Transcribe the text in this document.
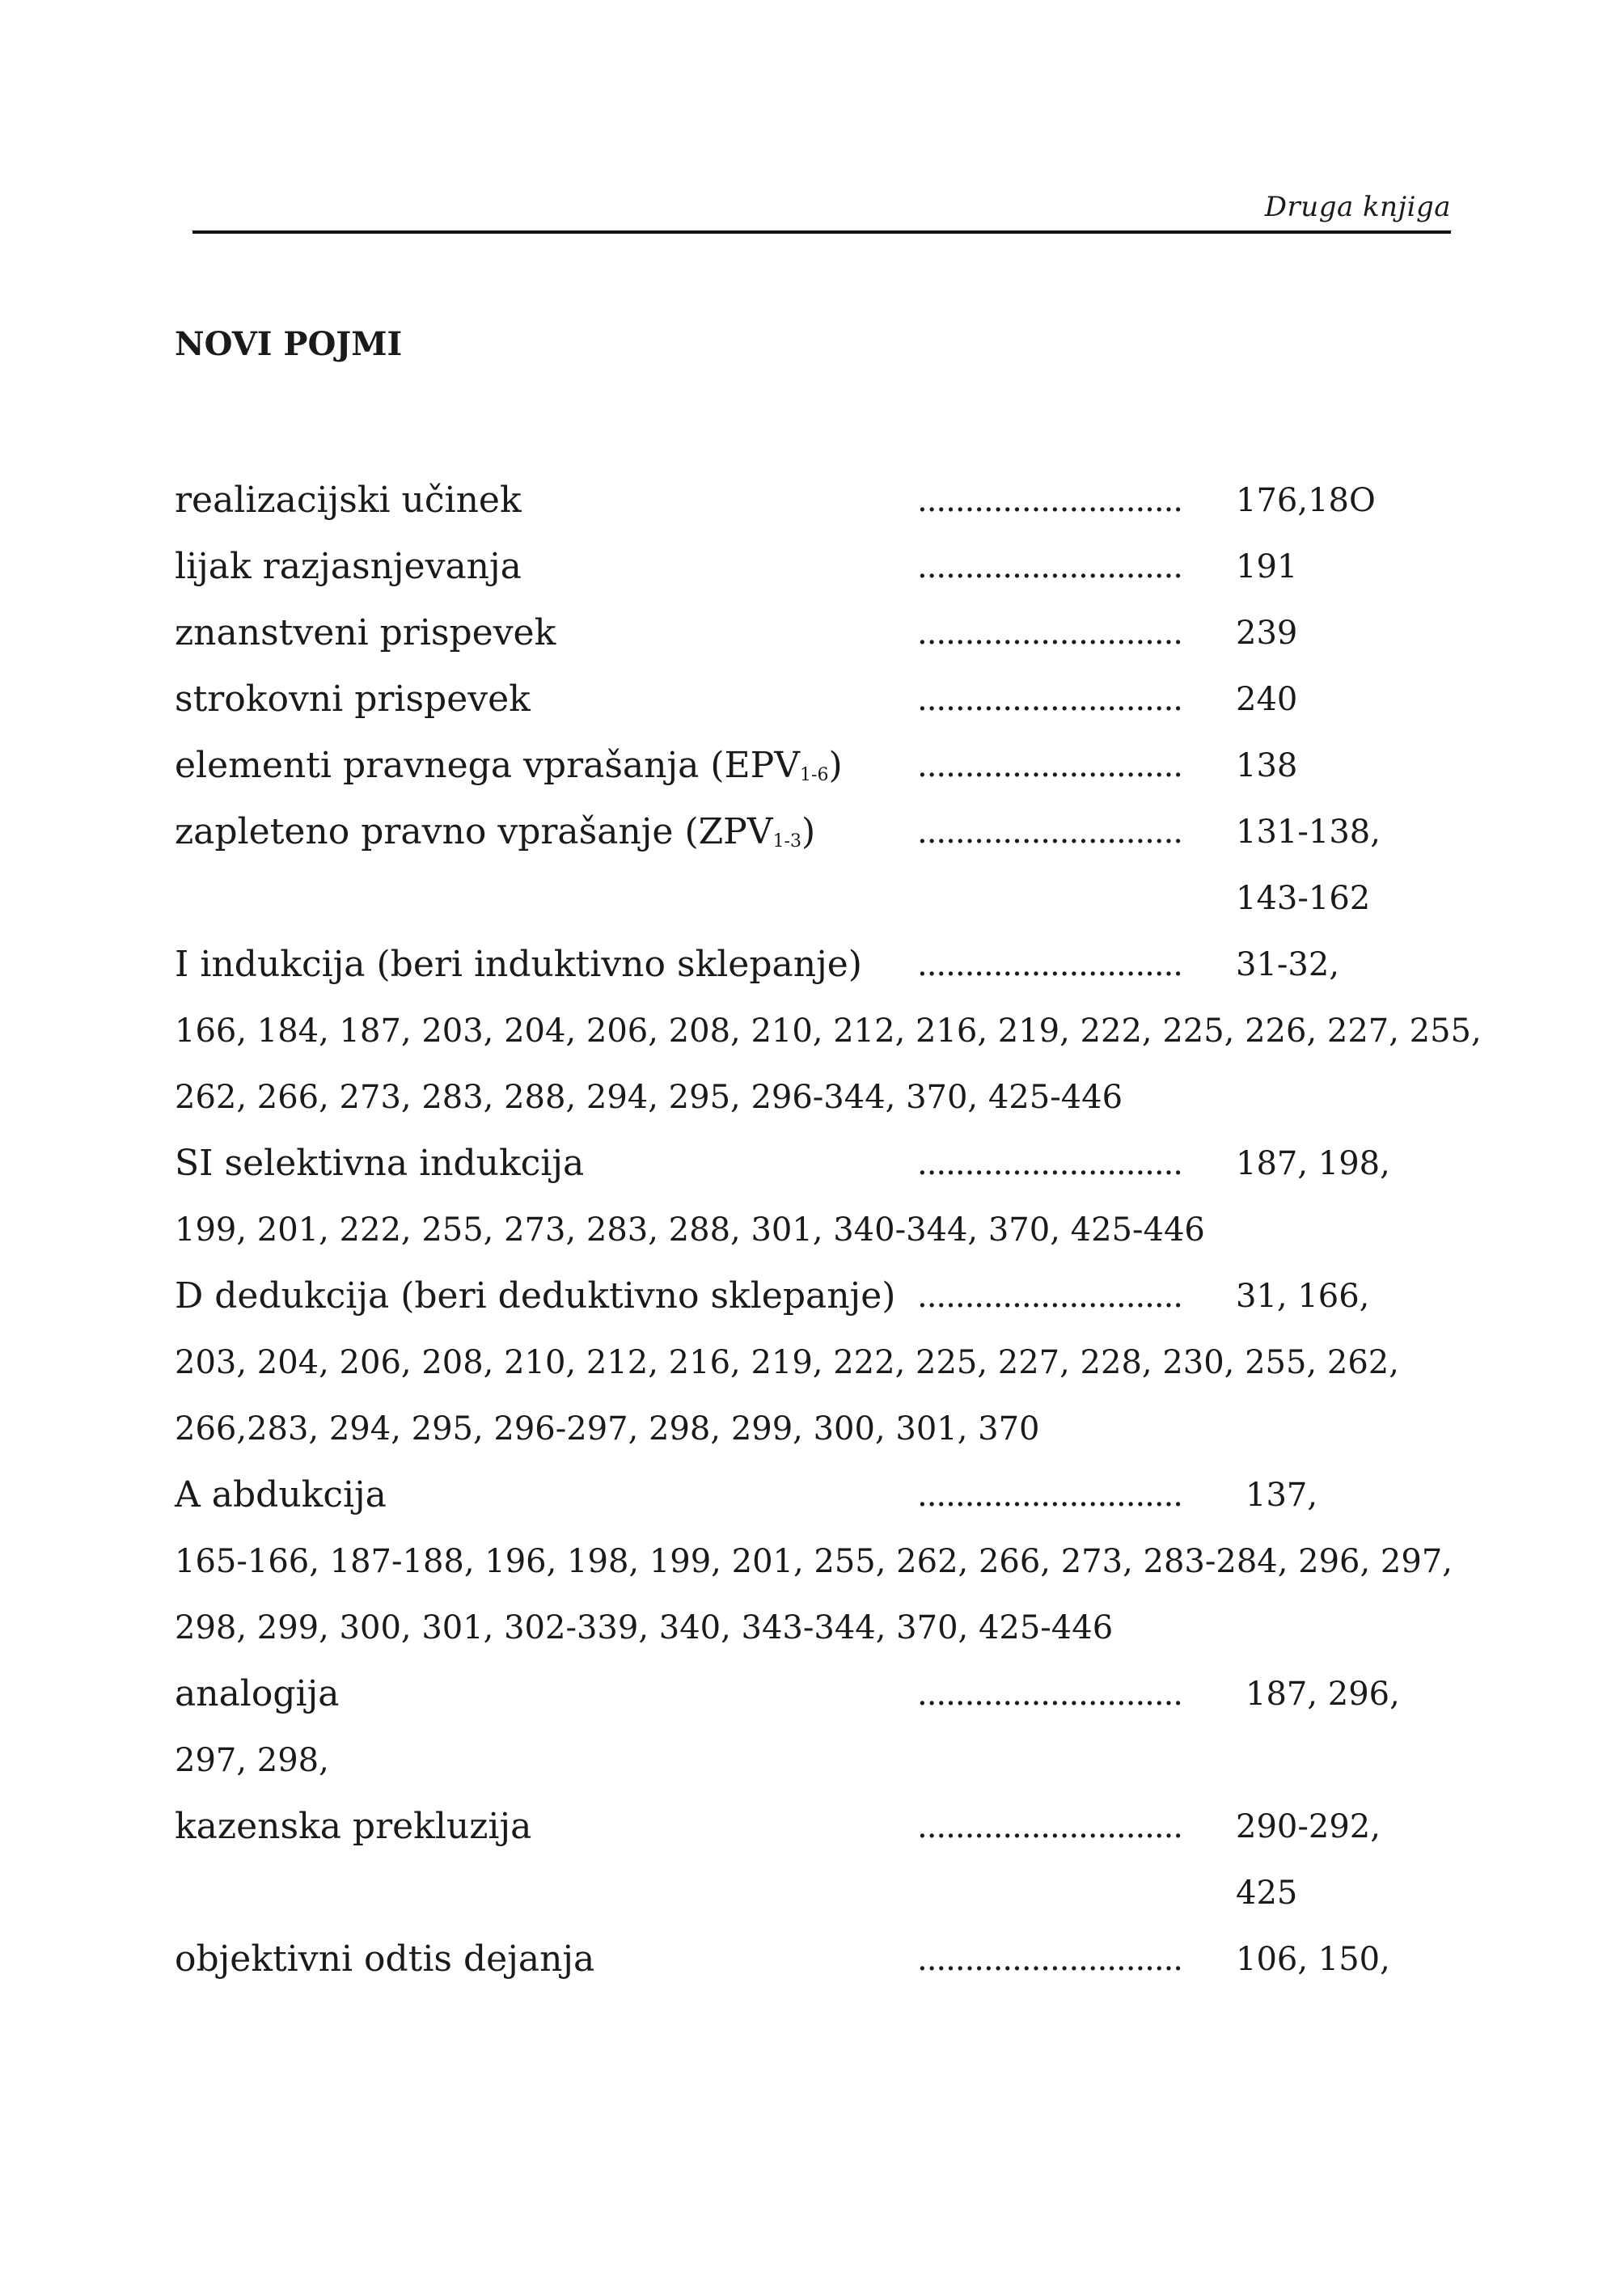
Druga knjiga
NOVI POJMI
realizacijski učinek	............................ 176,18O
lijak razjasnjevanja	............................ 191
znanstveni prispevek	............................ 239
strokovni prispevek	............................ 240
elementi pravnega vprašanja $(EPV_{1-6})$ ............................ 138
zapleteno pravno vprašanje $(ZPV_{1-3})$	............................ 131-138,
143-162
I indukcija (beri induktivno sklepanje) ............................ 31-32,
166, 184, 187, 203, 204, 206, 208, 210, 212, 216, 219, 222, 225, 226, 227, 255,
262, 266, 273, 283, 288, 294, 295, 296-344, 370, 425-446
SI selektivna indukcija	............................ 187, 198,
199, 201, 222, 255, 273, 283, 288, 301, 340-344, 370, 425-446
D dedukcija (beri deduktivno sklepanje) ............................ 31, 166,
203, 204, 206, 208, 210, 212, 216, 219, 222, 225, 227, 228, 230, 255, 262,
266,283, 294, 295, 296-297, 298, 299, 300, 301, 370
A abdukcija	............................ 137,
165-166, 187-188, 196, 198, 199, 201, 255, 262, 266, 273, 283-284, 296, 297,
298, 299, 300, 301, 302-339, 340, 343-344, 370, 425-446
analogija	............................ 187, 296,
297, 298,
kazenska prekluzija	............................ 290-292,
425
objektivni odtis dejanja	............................ 106, 150,
